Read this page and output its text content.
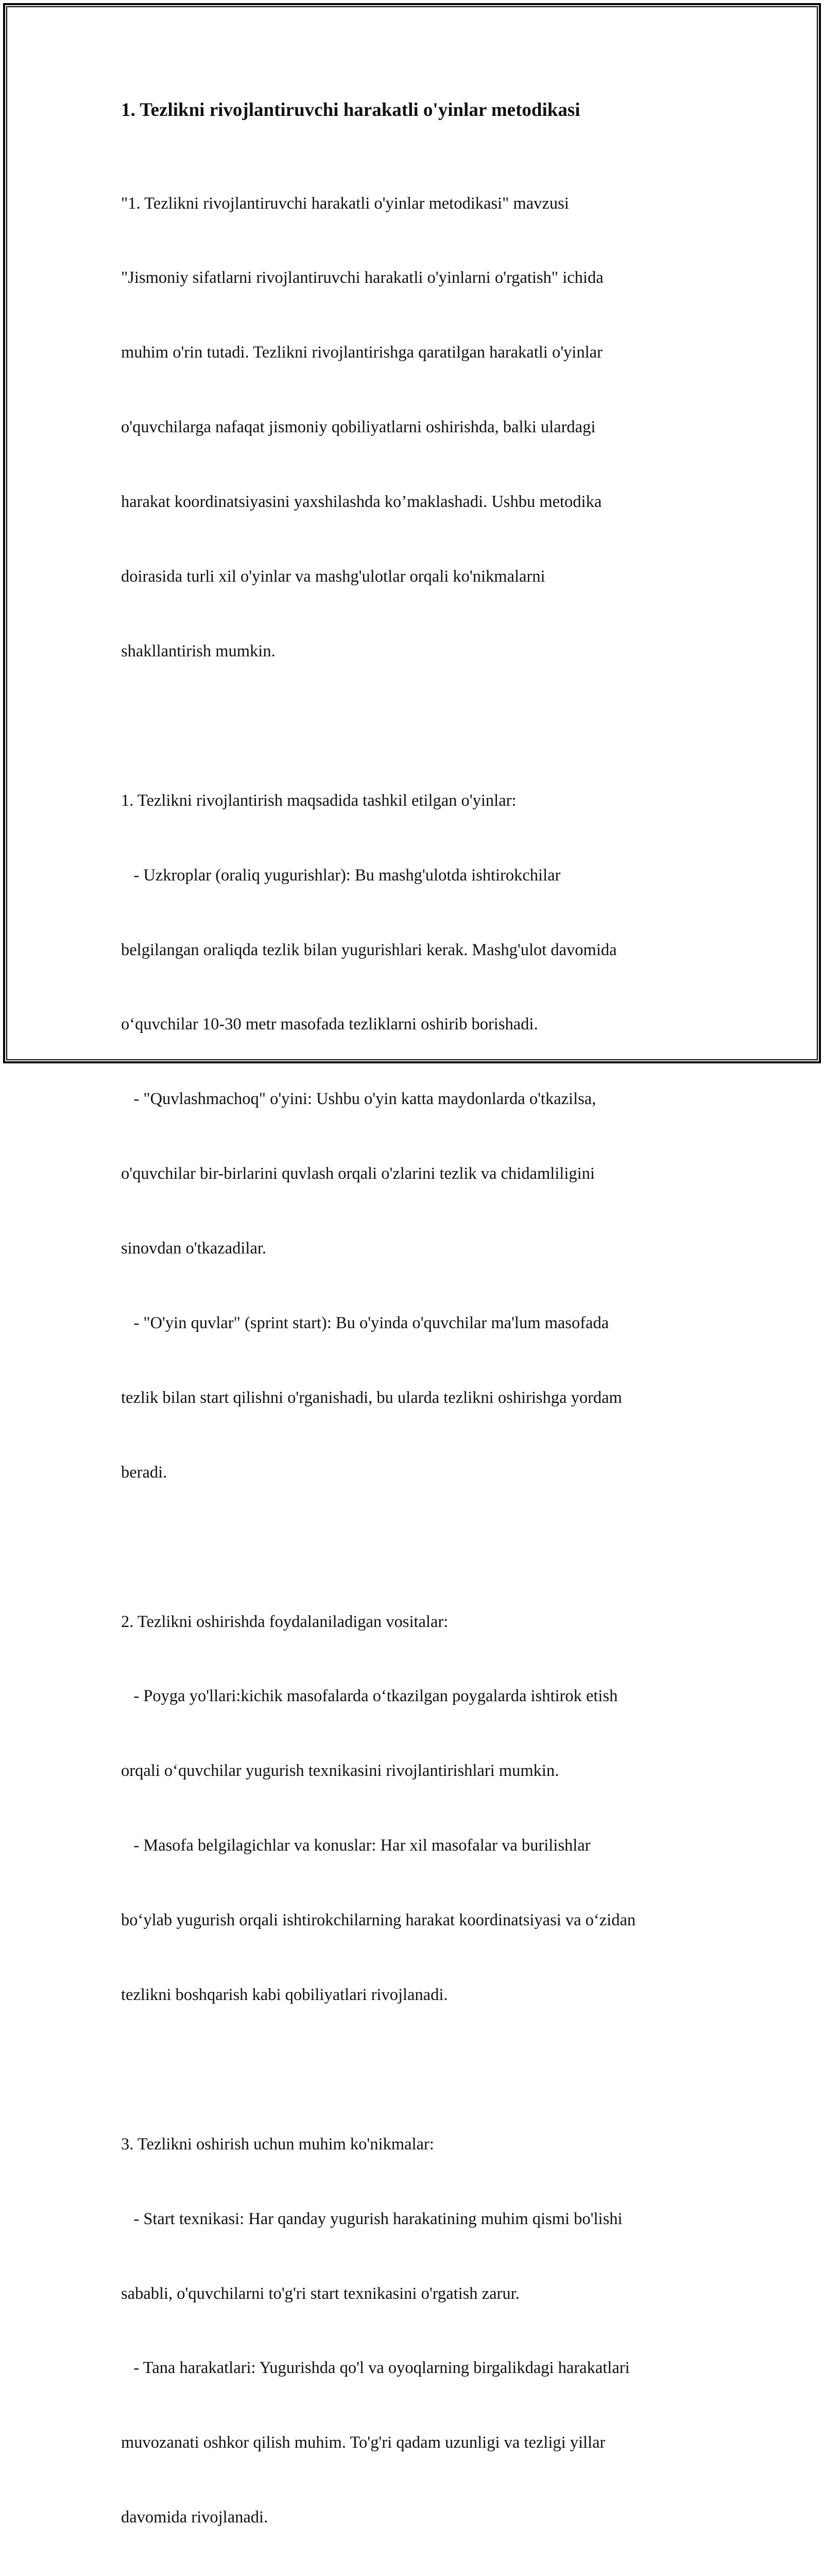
1. Tezlikni rivojlantiruvchi harakatli o'yinlar metodikasi

"1. Tezlikni rivojlantiruvchi harakatli o'yinlar metodikasi" mavzusi

"Jismoniy sifatlarni rivojlantiruvchi harakatli o'yinlarni o'rgatish" ichida

muhim o'rin tutadi. Tezlikni rivojlantirishga qaratilgan harakatli o'yinlar

o'quvchilarga nafaqat jismoniy qobiliyatlarni oshirishda, balki ulardagi

harakat koordinatsiyasini yaxshilashda ko’maklashadi. Ushbu metodika

doirasida turli xil o'yinlar va mashg'ulotlar orqali ko'nikmalarni

shakllantirish mumkin.

1. Tezlikni rivojlantirish maqsadida tashkil etilgan o'yinlar:

- Uzkroplar (oraliq yugurishlar): Bu mashg'ulotda ishtirokchilar

belgilangan oraliqda tezlik bilan yugurishlari kerak. Mashg'ulot davomida

o‘quvchilar 10-30 metr masofada tezliklarni oshirib borishadi.

- "Quvlashmachoq" o'yini: Ushbu o'yin katta maydonlarda o'tkazilsa,

o'quvchilar bir-birlarini quvlash orqali o'zlarini tezlik va chidamliligini

sinovdan o'tkazadilar.

- "O'yin quvlar" (sprint start): Bu o'yinda o'quvchilar ma'lum masofada

tezlik bilan start qilishni o'rganishadi, bu ularda tezlikni oshirishga yordam

beradi.

2. Tezlikni oshirishda foydalaniladigan vositalar:

- Poyga yo'llari:kichik masofalarda o‘tkazilgan poygalarda ishtirok etish

orqali o‘quvchilar yugurish texnikasini rivojlantirishlari mumkin.

- Masofa belgilagichlar va konuslar: Har xil masofalar va burilishlar

bo‘ylab yugurish orqali ishtirokchilarning harakat koordinatsiyasi va o‘zidan

tezlikni boshqarish kabi qobiliyatlari rivojlanadi.

3. Tezlikni oshirish uchun muhim ko'nikmalar:

- Start texnikasi: Har qanday yugurish harakatining muhim qismi bo'lishi

sababli, o'quvchilarni to'g'ri start texnikasini o'rgatish zarur.

- Tana harakatlari: Yugurishda qo'l va oyoqlarning birgalikdagi harakatlari

muvozanati oshkor qilish muhim. To'g'ri qadam uzunligi va tezligi yillar

davomida rivojlanadi.
